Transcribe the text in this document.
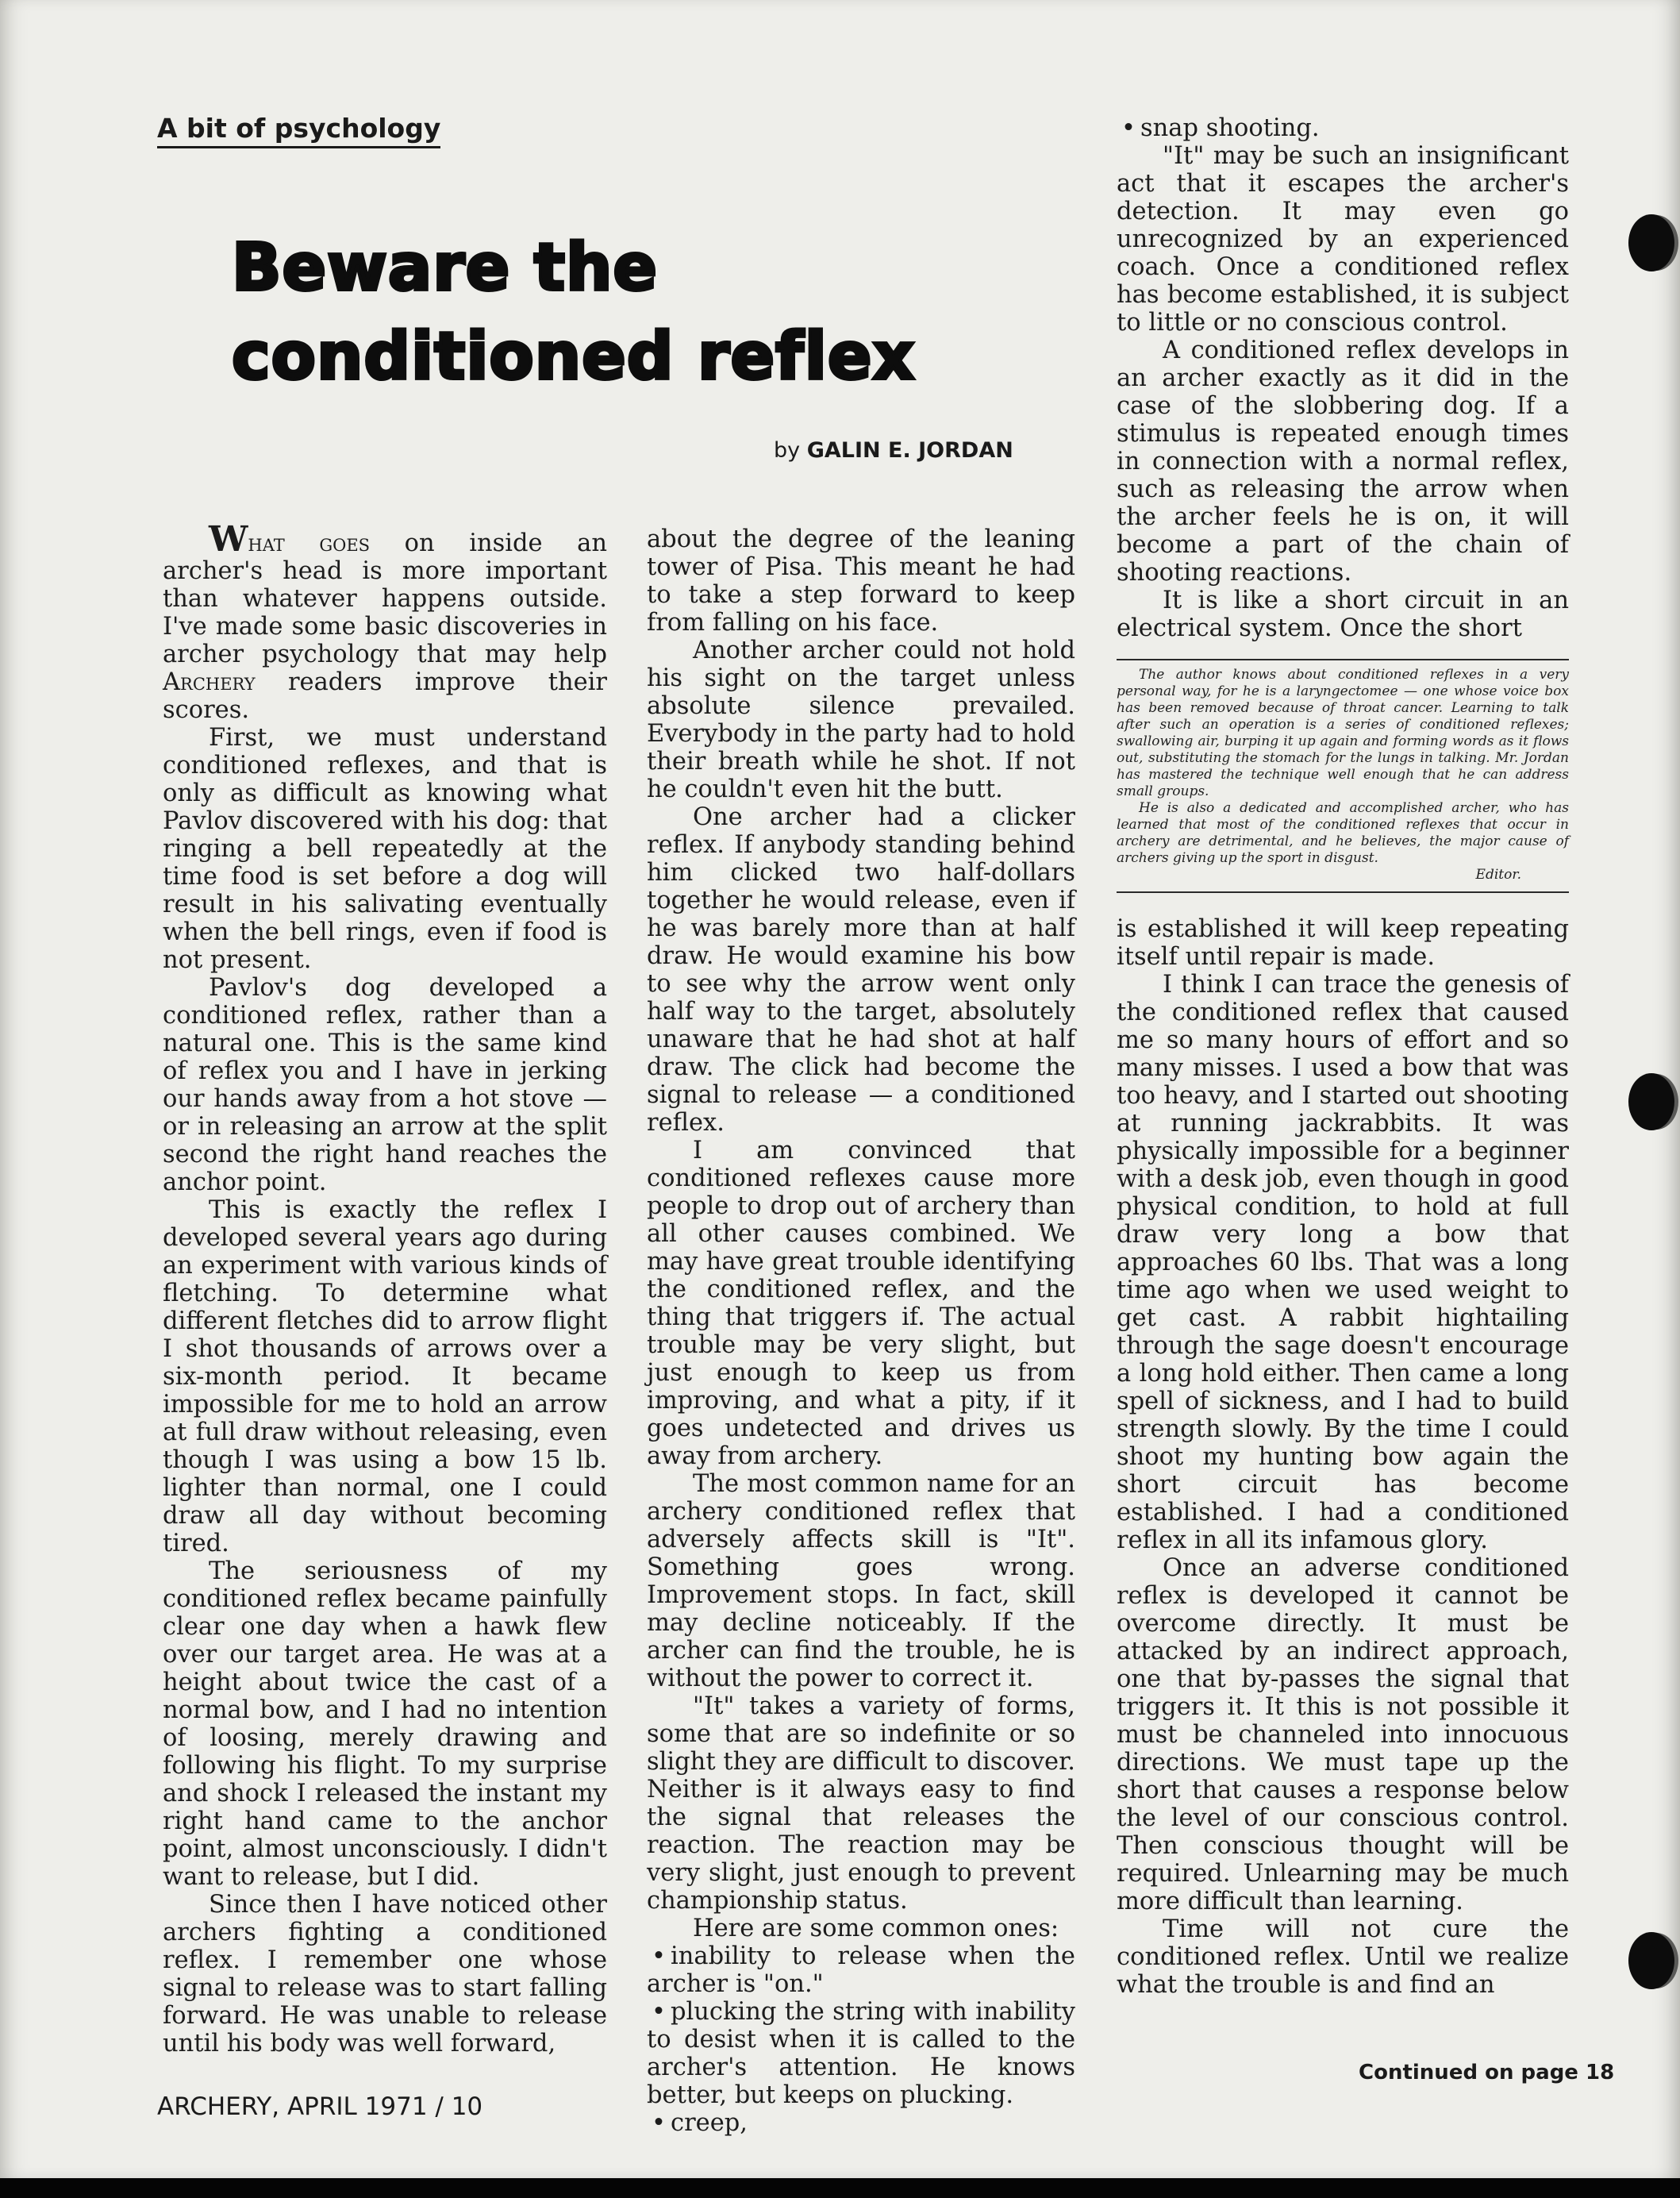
A bit of psychology
Beware the
conditioned reflex
by GALIN E. JORDAN

What goes on inside an archer's head is more important than whatever happens outside. I've made some basic discoveries in archer psychology that may help Archery readers improve their scores.

First, we must understand conditioned reflexes, and that is only as difficult as knowing what Pavlov discovered with his dog: that ringing a bell repeatedly at the time food is set before a dog will result in his salivating eventually when the bell rings, even if food is not present.

Pavlov's dog developed a conditioned reflex, rather than a natural one. This is the same kind of reflex you and I have in jerking our hands away from a hot stove — or in releasing an arrow at the split second the right hand reaches the anchor point.

This is exactly the reflex I developed several years ago during an experiment with various kinds of fletching. To determine what different fletches did to arrow flight I shot thousands of arrows over a six-month period. It became impossible for me to hold an arrow at full draw without releasing, even though I was using a bow 15 lb. lighter than normal, one I could draw all day without becoming tired.

The seriousness of my conditioned reflex became painfully clear one day when a hawk flew over our target area. He was at a height about twice the cast of a normal bow, and I had no intention of loosing, merely drawing and following his flight. To my surprise and shock I released the instant my right hand came to the anchor point, almost unconsciously. I didn't want to release, but I did.

Since then I have noticed other archers fighting a conditioned reflex. I remember one whose signal to release was to start falling forward. He was unable to release until his body was well forward,

about the degree of the leaning tower of Pisa. This meant he had to take a step forward to keep from falling on his face.

Another archer could not hold his sight on the target unless absolute silence prevailed. Everybody in the party had to hold their breath while he shot. If not he couldn't even hit the butt.

One archer had a clicker reflex. If anybody standing behind him clicked two half-dollars together he would release, even if he was barely more than at half draw. He would examine his bow to see why the arrow went only half way to the target, absolutely unaware that he had shot at half draw. The click had become the signal to release — a conditioned reflex.

I am convinced that conditioned reflexes cause more people to drop out of archery than all other causes combined. We may have great trouble identifying the conditioned reflex, and the thing that triggers if. The actual trouble may be very slight, but just enough to keep us from improving, and what a pity, if it goes undetected and drives us away from archery.

The most common name for an archery conditioned reflex that adversely affects skill is "It". Something goes wrong. Improvement stops. In fact, skill may decline noticeably. If the archer can find the trouble, he is without the power to correct it.

"It" takes a variety of forms, some that are so indefinite or so slight they are difficult to discover. Neither is it always easy to find the signal that releases the reaction. The reaction may be very slight, just enough to prevent championship status.

Here are some common ones:

• inability to release when the archer is "on."

• plucking the string with inability to desist when it is called to the archer's attention. He knows better, but keeps on plucking.

• creep,

• snap shooting.

"It" may be such an insignificant act that it escapes the archer's detection. It may even go unrecognized by an experienced coach. Once a conditioned reflex has become established, it is subject to little or no conscious control.

A conditioned reflex develops in an archer exactly as it did in the case of the slobbering dog. If a stimulus is repeated enough times in connection with a normal reflex, such as releasing the arrow when the archer feels he is on, it will become a part of the chain of shooting reactions.

It is like a short circuit in an electrical system. Once the short

The author knows about conditioned reflexes in a very personal way, for he is a laryngectomee — one whose voice box has been removed because of throat cancer. Learning to talk after such an operation is a series of conditioned reflexes; swallowing air, burping it up again and forming words as it flows out, substituting the stomach for the lungs in talking. Mr. Jordan has mastered the technique well enough that he can address small groups.

He is also a dedicated and accomplished archer, who has learned that most of the conditioned reflexes that occur in archery are detrimental, and he believes, the major cause of archers giving up the sport in disgust.

Editor.

is established it will keep repeating itself until repair is made.

I think I can trace the genesis of the conditioned reflex that caused me so many hours of effort and so many misses. I used a bow that was too heavy, and I started out shooting at running jackrabbits. It was physically impossible for a beginner with a desk job, even though in good physical condition, to hold at full draw very long a bow that approaches 60 lbs. That was a long time ago when we used weight to get cast. A rabbit hightailing through the sage doesn't encourage a long hold either. Then came a long spell of sickness, and I had to build strength slowly. By the time I could shoot my hunting bow again the short circuit has become established. I had a conditioned reflex in all its infamous glory.

Once an adverse conditioned reflex is developed it cannot be overcome directly. It must be attacked by an indirect approach, one that by-passes the signal that triggers it. It this is not possible it must be channeled into innocuous directions. We must tape up the short that causes a response below the level of our conscious control. Then conscious thought will be required. Unlearning may be much more difficult than learning.

Time will not cure the conditioned reflex. Until we realize what the trouble is and find an

Continued on page 18
ARCHERY, APRIL 1971 / 10
